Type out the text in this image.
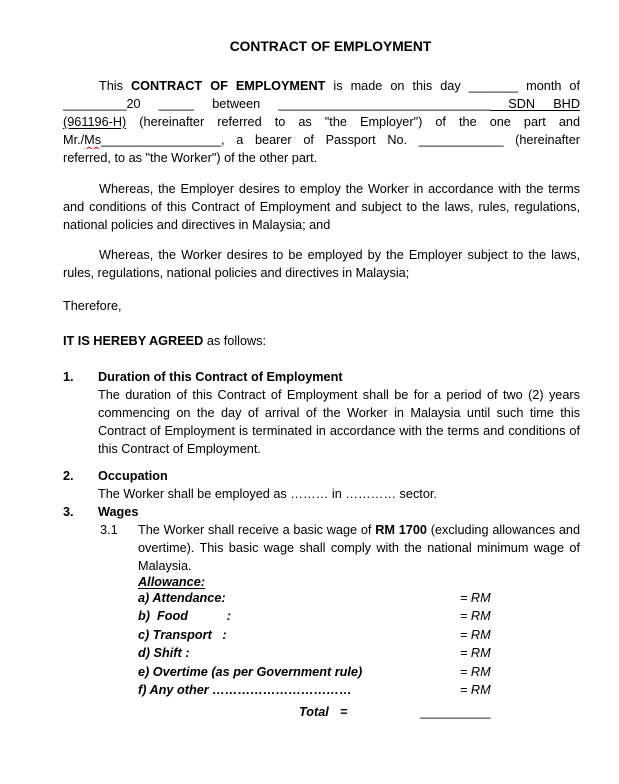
CONTRACT OF EMPLOYMENT
This CONTRACT OF EMPLOYMENT is made on this day _______ month of
_________20 _____ between ______________________________ SDN BHD
(961196-H) (hereinafter referred to as "the Employer") of the one part and
Mr./Ms_________________, a bearer of Passport No. ____________ (hereinafter
referred, to as "the Worker") of the other part.
Whereas, the Employer desires to employ the Worker in accordance with the terms
and conditions of this Contract of Employment and subject to the laws, rules, regulations,
national policies and directives in Malaysia; and
Whereas, the Worker desires to be employed by the Employer subject to the laws,
rules, regulations, national policies and directives in Malaysia;
Therefore,
IT IS HEREBY AGREED as follows:
1. Duration of this Contract of Employment
The duration of this Contract of Employment shall be for a period of two (2) years
commencing on the day of arrival of the Worker in Malaysia until such time this
Contract of Employment is terminated in accordance with the terms and conditions of
this Contract of Employment.
2. Occupation
The Worker shall be employed as ……… in ………… sector.
3. Wages
3.1 The Worker shall receive a basic wage of RM 1700 (excluding allowances and
overtime). This basic wage shall comply with the national minimum wage of
Malaysia.
Allowance:
a) Attendance:	= RM
b)  Food           :	= RM
c) Transport   :	= RM
d) Shift :	= RM
e) Overtime (as per Government rule)	= RM
f) Any other ……………………………	= RM
Total =	__________
